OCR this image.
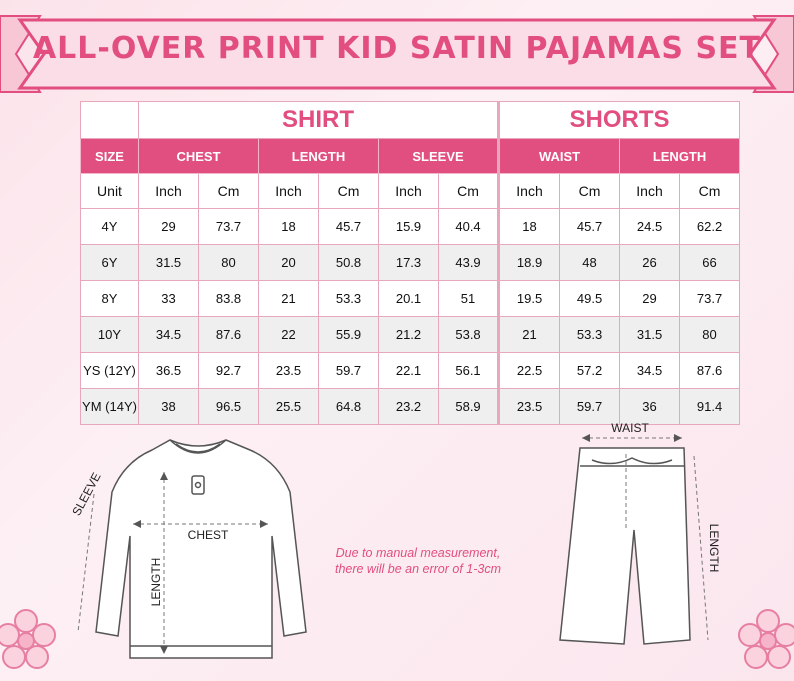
ALL-OVER PRINT KID SATIN PAJAMAS SET
	SHIRT						SHORTS			
SIZE	CHEST		LENGTH		SLEEVE		WAIST		LENGTH	
Unit	Inch	Cm	Inch	Cm	Inch	Cm	Inch	Cm	Inch	Cm
4Y	29	73.7	18	45.7	15.9	40.4	18	45.7	24.5	62.2
6Y	31.5	80	20	50.8	17.3	43.9	18.9	48	26	66
8Y	33	83.8	21	53.3	20.1	51	19.5	49.5	29	73.7
10Y	34.5	87.6	22	55.9	21.2	53.8	21	53.3	31.5	80
YS (12Y)	36.5	92.7	23.5	59.7	22.1	56.1	22.5	57.2	34.5	87.6
YM (14Y)	38	96.5	25.5	64.8	23.2	58.9	23.5	59.7	36	91.4
CHEST
LENGTH
SLEEVE
Due to manual measurement,
there will be an error of 1-3cm
WAIST
LENGTH
